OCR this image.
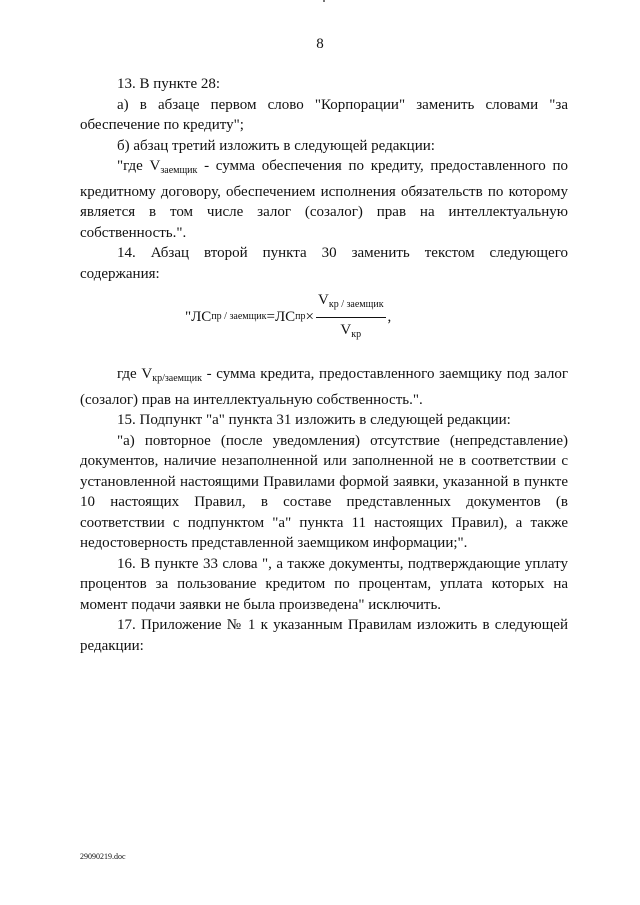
8

13. В пункте 28:

а) в абзаце первом слово "Корпорации" заменить словами "за обеспечение по кредиту";

б) абзац третий изложить в следующей редакции:

"где $V_{заемщик}$ - сумма обеспечения по кредиту, предоставленного по кредитному договору, обеспечением исполнения обязательств по которому является в том числе залог (созалог) прав на интеллектуальную собственность.".

14. Абзац второй пункта 30 заменить текстом следующего содержания:

" ЛС пр / заемщик = ЛС пр × $\frac{V_{кр / заемщик}}{V_{кр}}$ ,

где $V_{кр/заемщик}$ - сумма кредита, предоставленного заемщику под залог (созалог) прав на интеллектуальную собственность.".

15. Подпункт "а" пункта 31 изложить в следующей редакции:

"а) повторное (после уведомления) отсутствие (непредставление) документов, наличие незаполненной или заполненной не в соответствии с установленной настоящими Правилами формой заявки, указанной в пункте 10 настоящих Правил, в составе представленных документов (в соответствии с подпунктом "а" пункта 11 настоящих Правил), а также недостоверность представленной заемщиком информации;".

16. В пункте 33 слова ", а также документы, подтверждающие уплату процентов за пользование кредитом по процентам, уплата которых на момент подачи заявки не была произведена" исключить.

17. Приложение № 1 к указанным Правилам изложить в следующей редакции:

29090219.doc
